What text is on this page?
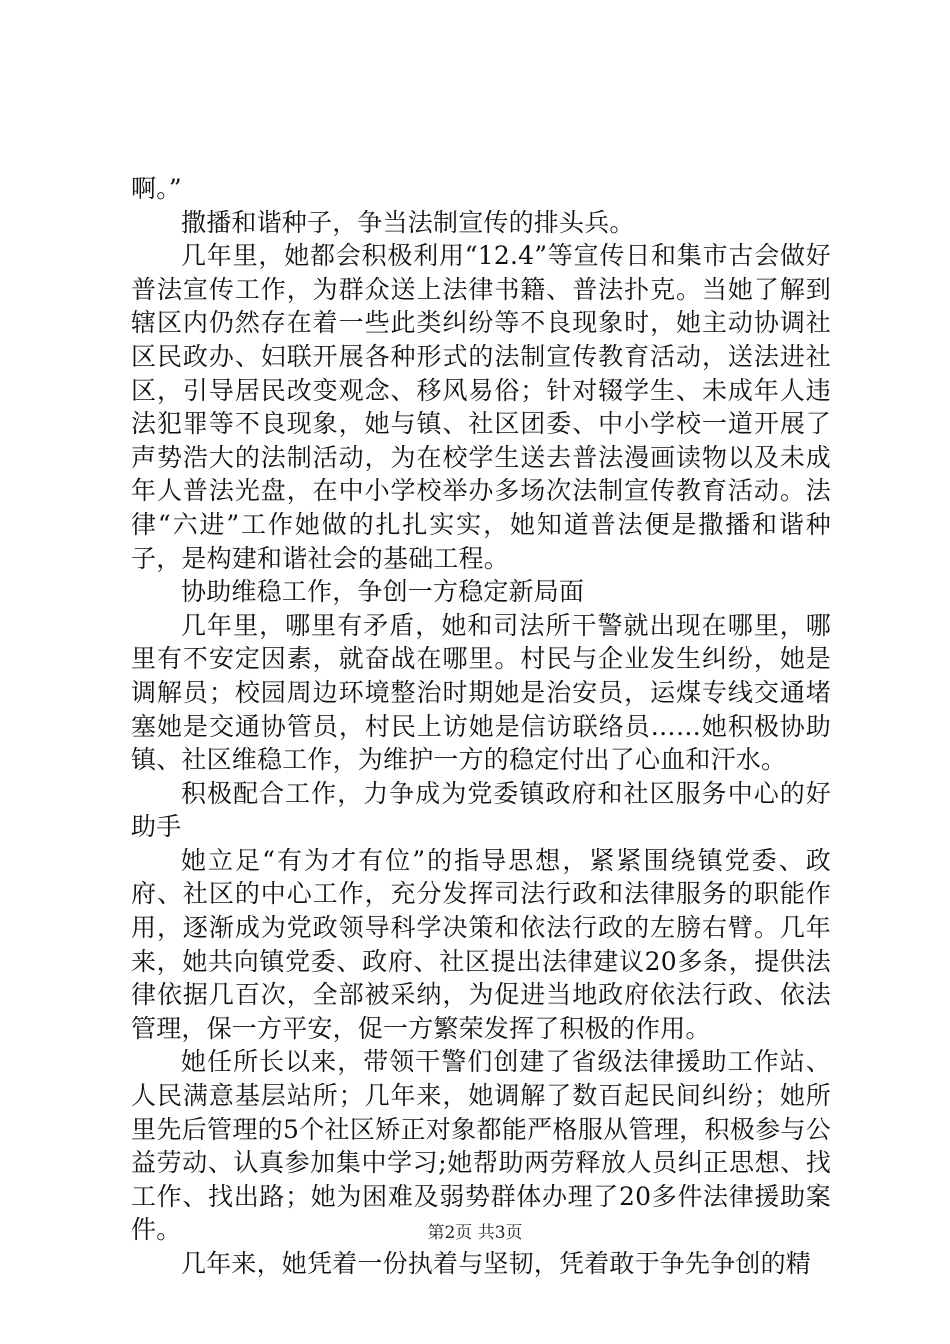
啊。”

撒播和谐种子，争当法制宣传的排头兵。

几年里，她都会积极利用“12.4”等宣传日和集市古会做好普法宣传工作，为群众送上法律书籍、普法扑克。当她了解到辖区内仍然存在着一些此类纠纷等不良现象时，她主动协调社区民政办、妇联开展各种形式的法制宣传教育活动，送法进社区，引导居民改变观念、移风易俗；针对辍学生、未成年人违法犯罪等不良现象，她与镇、社区团委、中小学校一道开展了声势浩大的法制活动，为在校学生送去普法漫画读物以及未成年人普法光盘，在中小学校举办多场次法制宣传教育活动。法律“六进”工作她做的扎扎实实，她知道普法便是撒播和谐种子，是构建和谐社会的基础工程。

协助维稳工作，争创一方稳定新局面

几年里，哪里有矛盾，她和司法所干警就出现在哪里，哪里有不安定因素，就奋战在哪里。村民与企业发生纠纷，她是调解员；校园周边环境整治时期她是治安员，运煤专线交通堵塞她是交通协管员，村民上访她是信访联络员……她积极协助镇、社区维稳工作，为维护一方的稳定付出了心血和汗水。

积极配合工作，力争成为党委镇政府和社区服务中心的好助手

她立足“有为才有位”的指导思想，紧紧围绕镇党委、政府、社区的中心工作，充分发挥司法行政和法律服务的职能作用，逐渐成为党政领导科学决策和依法行政的左膀右臂。几年来，她共向镇党委、政府、社区提出法律建议20多条，提供法律依据几百次，全部被采纳，为促进当地政府依法行政、依法管理，保一方平安，促一方繁荣发挥了积极的作用。

她任所长以来，带领干警们创建了省级法律援助工作站、人民满意基层站所；几年来，她调解了数百起民间纠纷；她所里先后管理的5个社区矫正对象都能严格服从管理，积极参与公益劳动、认真参加集中学习;她帮助两劳释放人员纠正思想、找工作、找出路；她为困难及弱势群体办理了20多件法律援助案件。

几年来，她凭着一份执着与坚韧，凭着敢于争先争创的精

第2页 共3页
